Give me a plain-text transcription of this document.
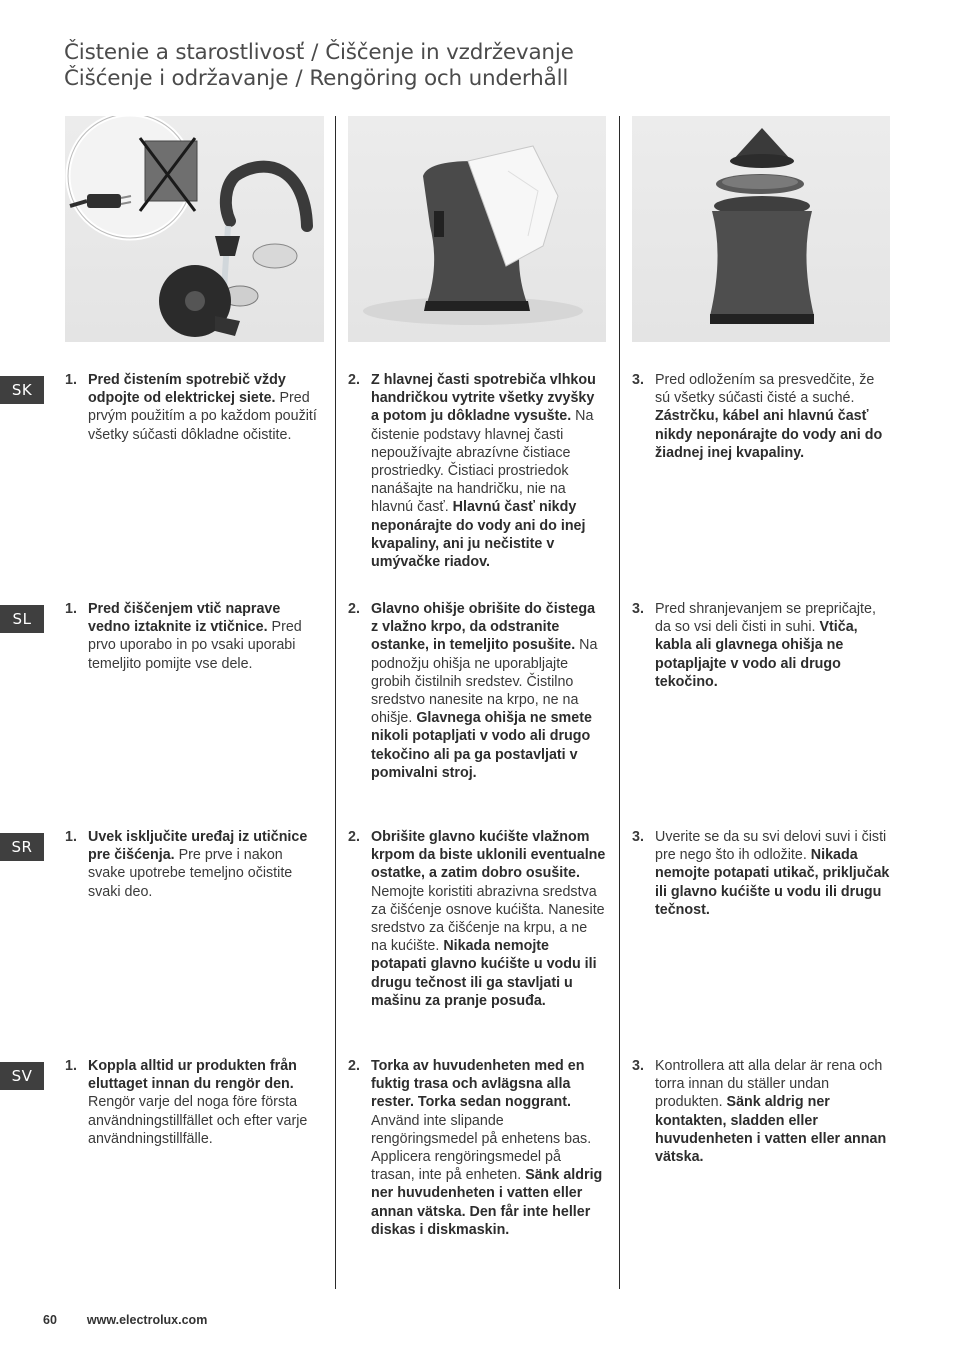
Čistenie a starostlivosť / Čiščenje in vzdrževanje
Čišćenje i održavanje / Rengöring och underhåll
SK
1. Pred čistením spotrebič vždy odpojte od elektrickej siete. Pred prvým použitím a po každom použití všetky súčasti dôkladne očistite.
2. Z hlavnej časti spotrebiča vlhkou handričkou vytrite všetky zvyšky a potom ju dôkladne vysušte. Na čistenie podstavy hlavnej časti nepoužívajte abrazívne čistiace prostriedky. Čistiaci prostriedok nanášajte na handričku, nie na hlavnú časť. Hlavnú časť nikdy neponárajte do vody ani do inej kvapaliny, ani ju nečistite v umývačke riadov.
3. Pred odložením sa presvedčite, že sú všetky súčasti čisté a suché. Zástrčku, kábel ani hlavnú časť nikdy neponárajte do vody ani do žiadnej inej kvapaliny.
SL
1. Pred čiščenjem vtič naprave vedno iztaknite iz vtičnice. Pred prvo uporabo in po vsaki uporabi temeljito pomijte vse dele.
2. Glavno ohišje obrišite do čistega z vlažno krpo, da odstranite ostanke, in temeljito posušite. Na podnožju ohišja ne uporabljajte grobih čistilnih sredstev. Čistilno sredstvo nanesite na krpo, ne na ohišje. Glavnega ohišja ne smete nikoli potapljati v vodo ali drugo tekočino ali pa ga postavljati v pomivalni stroj.
3. Pred shranjevanjem se prepričajte, da so vsi deli čisti in suhi. Vtiča, kabla ali glavnega ohišja ne potapljajte v vodo ali drugo tekočino.
SR
1. Uvek isključite uređaj iz utičnice pre čišćenja. Pre prve i nakon svake upotrebe temeljno očistite svaki deo.
2. Obrišite glavno kućište vlažnom krpom da biste uklonili eventualne ostatke, a zatim dobro osušite. Nemojte koristiti abrazivna sredstva za čišćenje osnove kućišta. Nanesite sredstvo za čišćenje na krpu, a ne na kućište. Nikada nemojte potapati glavno kućište u vodu ili drugu tečnost ili ga stavljati u mašinu za pranje posuđa.
3. Uverite se da su svi delovi suvi i čisti pre nego što ih odložite. Nikada nemojte potapati utikač, priključak ili glavno kućište u vodu ili drugu tečnost.
SV
1. Koppla alltid ur produkten från eluttaget innan du rengör den. Rengör varje del noga före första användningstillfället och efter varje användningstillfälle.
2. Torka av huvudenheten med en fuktig trasa och avlägsna alla rester. Torka sedan noggrant. Använd inte slipande rengöringsmedel på enhetens bas. Applicera rengöringsmedel på trasan, inte på enheten. Sänk aldrig ner huvudenheten i vatten eller annan vätska. Den får inte heller diskas i diskmaskin.
3. Kontrollera att alla delar är rena och torra innan du ställer undan produkten. Sänk aldrig ner kontakten, sladden eller huvudenheten i vatten eller annan vätska.
60 www.electrolux.com
